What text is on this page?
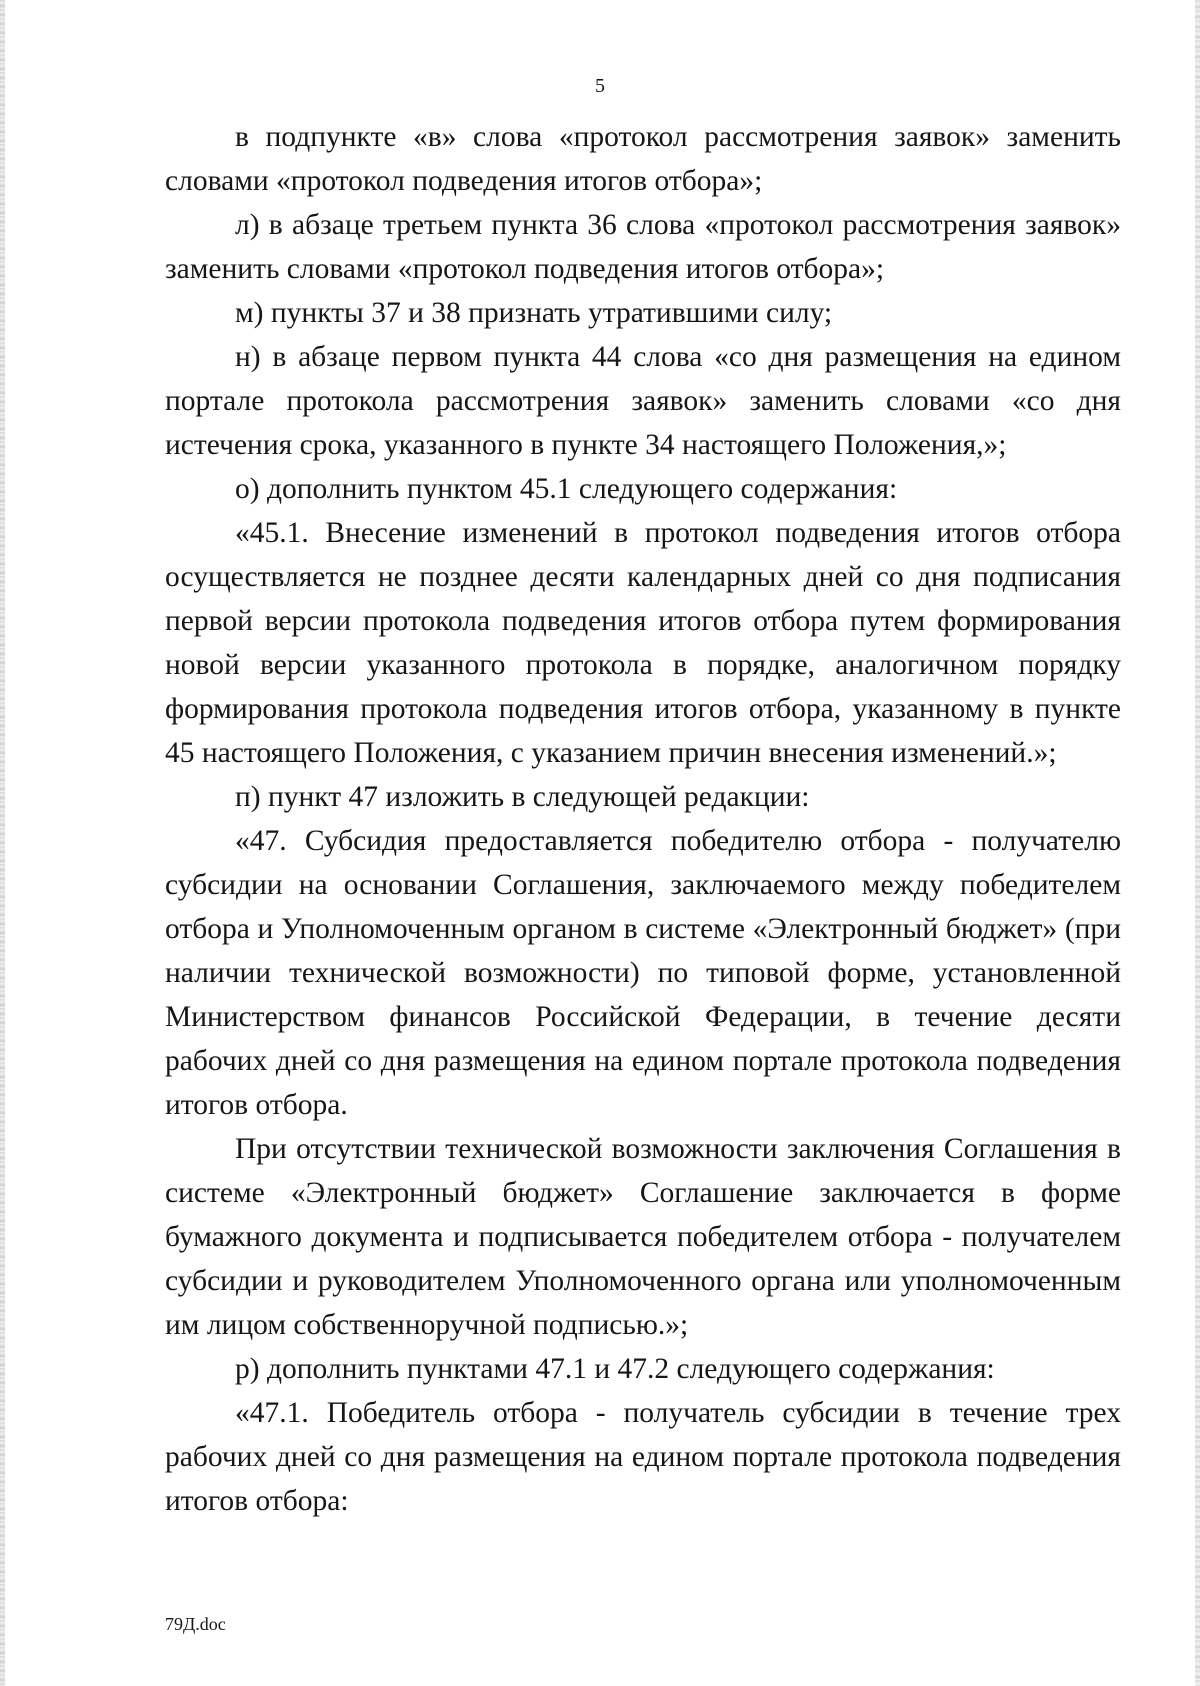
5

в подпункте «в» слова «протокол рассмотрения заявок» заменить словами «протокол подведения итогов отбора»;

л) в абзаце третьем пункта 36 слова «протокол рассмотрения заявок» заменить словами «протокол подведения итогов отбора»;

м) пункты 37 и 38 признать утратившими силу;

н) в абзаце первом пункта 44 слова «со дня размещения на едином портале протокола рассмотрения заявок» заменить словами «со дня истечения срока, указанного в пункте 34 настоящего Положения,»;

о) дополнить пунктом 45.1 следующего содержания:

«45.1. Внесение изменений в протокол подведения итогов отбора осуществляется не позднее десяти календарных дней со дня подписания первой версии протокола подведения итогов отбора путем формирования новой версии указанного протокола в порядке, аналогичном порядку формирования протокола подведения итогов отбора, указанному в пункте 45 настоящего Положения, с указанием причин внесения изменений.»;

п) пункт 47 изложить в следующей редакции:

«47. Субсидия предоставляется победителю отбора - получателю субсидии на основании Соглашения, заключаемого между победителем отбора и Уполномоченным органом в системе «Электронный бюджет» (при наличии технической возможности) по типовой форме, установленной Министерством финансов Российской Федерации, в течение десяти рабочих дней со дня размещения на едином портале протокола подведения итогов отбора.

При отсутствии технической возможности заключения Соглашения в системе «Электронный бюджет» Соглашение заключается в форме бумажного документа и подписывается победителем отбора - получателем субсидии и руководителем Уполномоченного органа или уполномоченным им лицом собственноручной подписью.»;

р) дополнить пунктами 47.1 и 47.2 следующего содержания:

«47.1. Победитель отбора - получатель субсидии в течение трех рабочих дней со дня размещения на едином портале протокола подведения итогов отбора:

79Д.doc
